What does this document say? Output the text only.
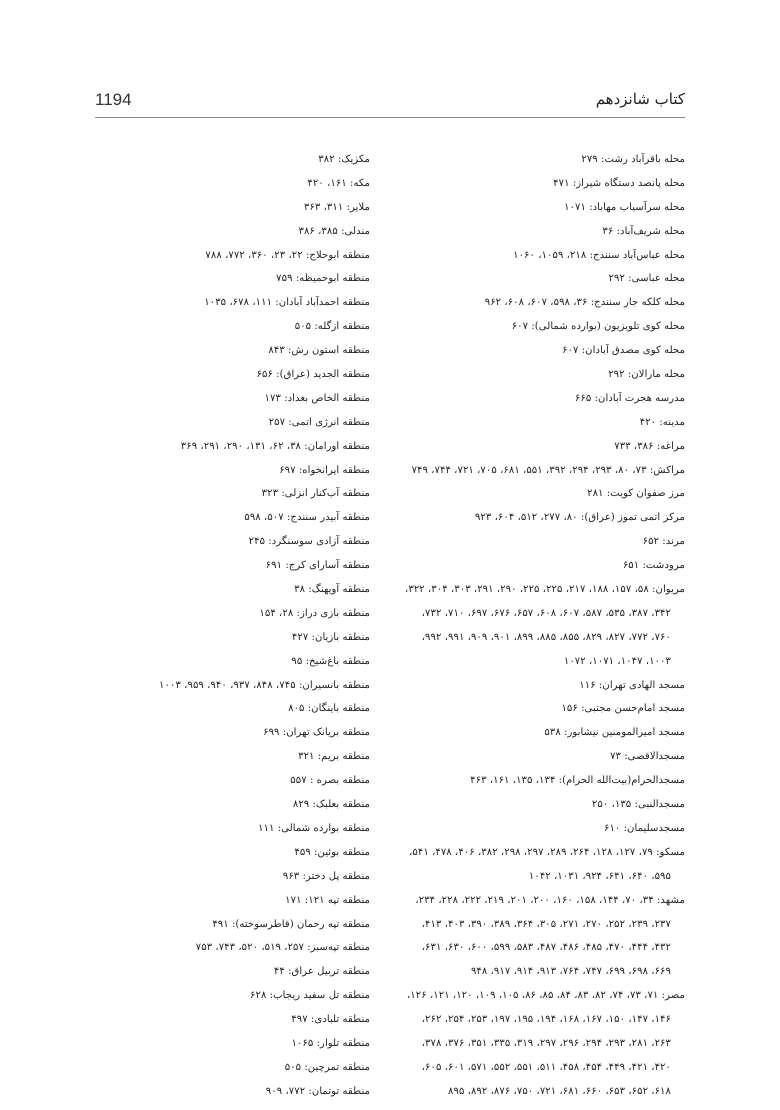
1194	کتاب شانزدهم
محله باقرآباد رشت: ۲۷۹
محله پانصد دستگاه شیراز: ۴۷۱
محله سرآسیاب مهاباد: ۱۰۷۱
محله شریف‌آباد: ۳۶
محله عباس‌آباد سنندج: ۲۱۸، ۱۰۵۹، ۱۰۶۰
محله عباسی: ۲۹۲
محله کلکه جار سنندج: ۳۶، ۵۹۸، ۶۰۷، ۶۰۸، ۹۶۲
محله کوی تلویزیون (بوارده شمالی): ۶۰۷
محله کوی مصدق آبادان: ۶۰۷
محله مارالان: ۲۹۲
مدرسه هجرت آبادان: ۶۶۵
مدینه: ۴۲۰
مراغه: ۳۸۶، ۷۳۳
مراکش: ۷۳، ۸۰، ۲۹۳، ۲۹۴، ۳۹۲، ۵۵۱، ۶۸۱، ۷۰۵، ۷۲۱، ۷۴۴، ۷۴۹
مرز صفوان کویت: ۲۸۱
مرکز اتمی تموز (عراق): ۸۰، ۲۷۷، ۵۱۲، ۶۰۴، ۹۲۳
مرند: ۶۵۲
مرودشت: ۶۵۱
مریوان: ۵۸، ۱۵۷، ۱۸۸، ۲۱۷، ۲۲۵، ۲۲۵، ۲۹۰، ۲۹۱، ۳۰۳، ۳۰۴، ۳۲۲،
۳۴۲، ۳۸۷، ۵۳۵، ۵۸۷، ۶۰۷، ۶۰۸، ۶۵۷، ۶۷۶، ۶۹۷، ۷۱۰، ۷۳۲،
۷۶۰، ۷۷۲، ۸۲۷، ۸۲۹، ۸۵۵، ۸۸۵، ۸۹۹، ۹۰۱، ۹۰۹، ۹۹۱، ۹۹۲،
۱۰۰۳، ۱۰۴۷، ۱۰۷۱، ۱۰۷۲
مسجد الهادی تهران: ۱۱۶
مسجد امام‌حسن مجتبی: ۱۵۶
مسجد امیرالمومنین نیشابور: ۵۳۸
مسجدالاقصی: ۷۳
مسجدالحرام(بیت‌الله الحرام): ۱۳۴، ۱۳۵، ۱۶۱، ۴۶۳
مسجدالنبی: ۱۳۵، ۲۵۰
مسجدسلیمان: ۶۱۰
مسکو: ۷۹، ۱۲۷، ۱۲۸، ۲۶۴، ۲۸۹، ۲۹۷، ۲۹۸، ۳۸۲، ۴۰۶، ۴۷۸، ۵۴۱،
۵۹۵، ۶۴۰، ۶۴۱، ۹۲۴، ۱۰۳۱، ۱۰۴۲
مشهد: ۳۴، ۷۰، ۱۴۴، ۱۵۸، ۱۶۰، ۲۰۰، ۲۰۱، ۲۱۹، ۲۲۲، ۲۲۸، ۲۳۴،
۲۳۷، ۲۳۹، ۲۵۲، ۲۷۰، ۲۷۱، ۳۰۵، ۳۶۴، ۳۸۹، ۳۹۰، ۴۰۳، ۴۱۳،
۴۳۲، ۴۴۴، ۴۷۰، ۴۸۵، ۴۸۶، ۴۸۷، ۵۸۳، ۵۹۹، ۶۰۰، ۶۳۰، ۶۳۱،
۶۶۹، ۶۹۸، ۶۹۹، ۷۴۷، ۷۶۴، ۹۱۳، ۹۱۴، ۹۱۷، ۹۴۸
مصر: ۷۱، ۷۳، ۷۴، ۸۲، ۸۳، ۸۴، ۸۵، ۸۶، ۱۰۵، ۱۰۹، ۱۲۰، ۱۲۱، ۱۲۶،
۱۴۶، ۱۴۷، ۱۵۰، ۱۶۷، ۱۶۸، ۱۹۴، ۱۹۵، ۱۹۷، ۲۵۳، ۲۵۴، ۲۶۲،
۲۶۳، ۲۸۱، ۲۹۳، ۲۹۴، ۲۹۶، ۲۹۷، ۳۱۹، ۳۳۵، ۳۵۱، ۳۷۶، ۳۷۸،
۴۲۰، ۴۲۱، ۴۴۹، ۴۵۴، ۴۵۸، ۵۱۱، ۵۵۱، ۵۵۲، ۵۷۱، ۶۰۱، ۶۰۵،
۶۱۸، ۶۵۲، ۶۵۳، ۶۶۰، ۶۸۱، ۷۲۱، ۷۵۰، ۸۷۶، ۸۹۲، ۸۹۵
مکزیک: ۳۸۲
مکه: ۱۶۱، ۴۲۰
ملایر: ۳۱۱، ۳۶۳
مندلی: ۳۸۵، ۳۸۶
منطقه ابوحلاج: ۲۲، ۲۳، ۳۶۰، ۷۷۲، ۷۸۸
منطقه ابوحمیظه: ۷۵۹
منطقه احمدآباد آبادان: ۱۱۱، ۶۷۸، ۱۰۳۵
منطقه ازگله: ۵۰۵
منطقه استون رش: ۸۴۳
منطقه الجدید (عراق): ۶۵۶
منطقه الخاص بغداد: ۱۷۳
منطقه انرژی اتمی: ۲۵۷
منطقه اورامان: ۳۸، ۶۲، ۱۳۱، ۲۹۰، ۲۹۱، ۳۶۹
منطقه ایرانخواه: ۶۹۷
منطقه آب‌کنار انزلی: ۳۲۳
منطقه آبیدر سنندج: ۵۰۷، ۵۹۸
منطقه آزادی سوسنگرد: ۲۴۵
منطقه آسارای کرج: ۶۹۱
منطقه آویهنگ: ۳۸
منطقه بازی دراز: ۲۸، ۱۵۴
منطقه بازیان: ۴۲۷
منطقه باغ‌شیخ: ۹۵
منطقه بانسیران: ۷۴۵، ۸۴۸، ۹۳۷، ۹۴۰، ۹۵۹، ۱۰۰۳
منطقه باینگان: ۸۰۵
منطقه بریانک تهران: ۶۹۹
منطقه بریم: ۳۲۱
منطقه بصره : ۵۵۷
منطقه بعلبک: ۸۲۹
منطقه بوارده شمالی: ۱۱۱
منطقه بوئین: ۴۵۹
منطقه پل دختر: ۹۶۳
منطقه تپه ۱۲۱: ۱۷۱
منطقه تپه رحمان (قاطرسوخته): ۴۹۱
منطقه تپه‌سبز: ۲۵۷، ۵۱۹، ۵۲۰، ۷۴۳، ۷۵۳
منطقه تربیل عراق: ۴۴
منطقه تل سفید ریجاب: ۶۲۸
منطقه تلبادی: ۴۹۷
منطقه تلوار: ۱۰۶۵
منطقه تمرچین: ۵۰۵
منطقه توتمان: ۷۷۲، ۹۰۹
